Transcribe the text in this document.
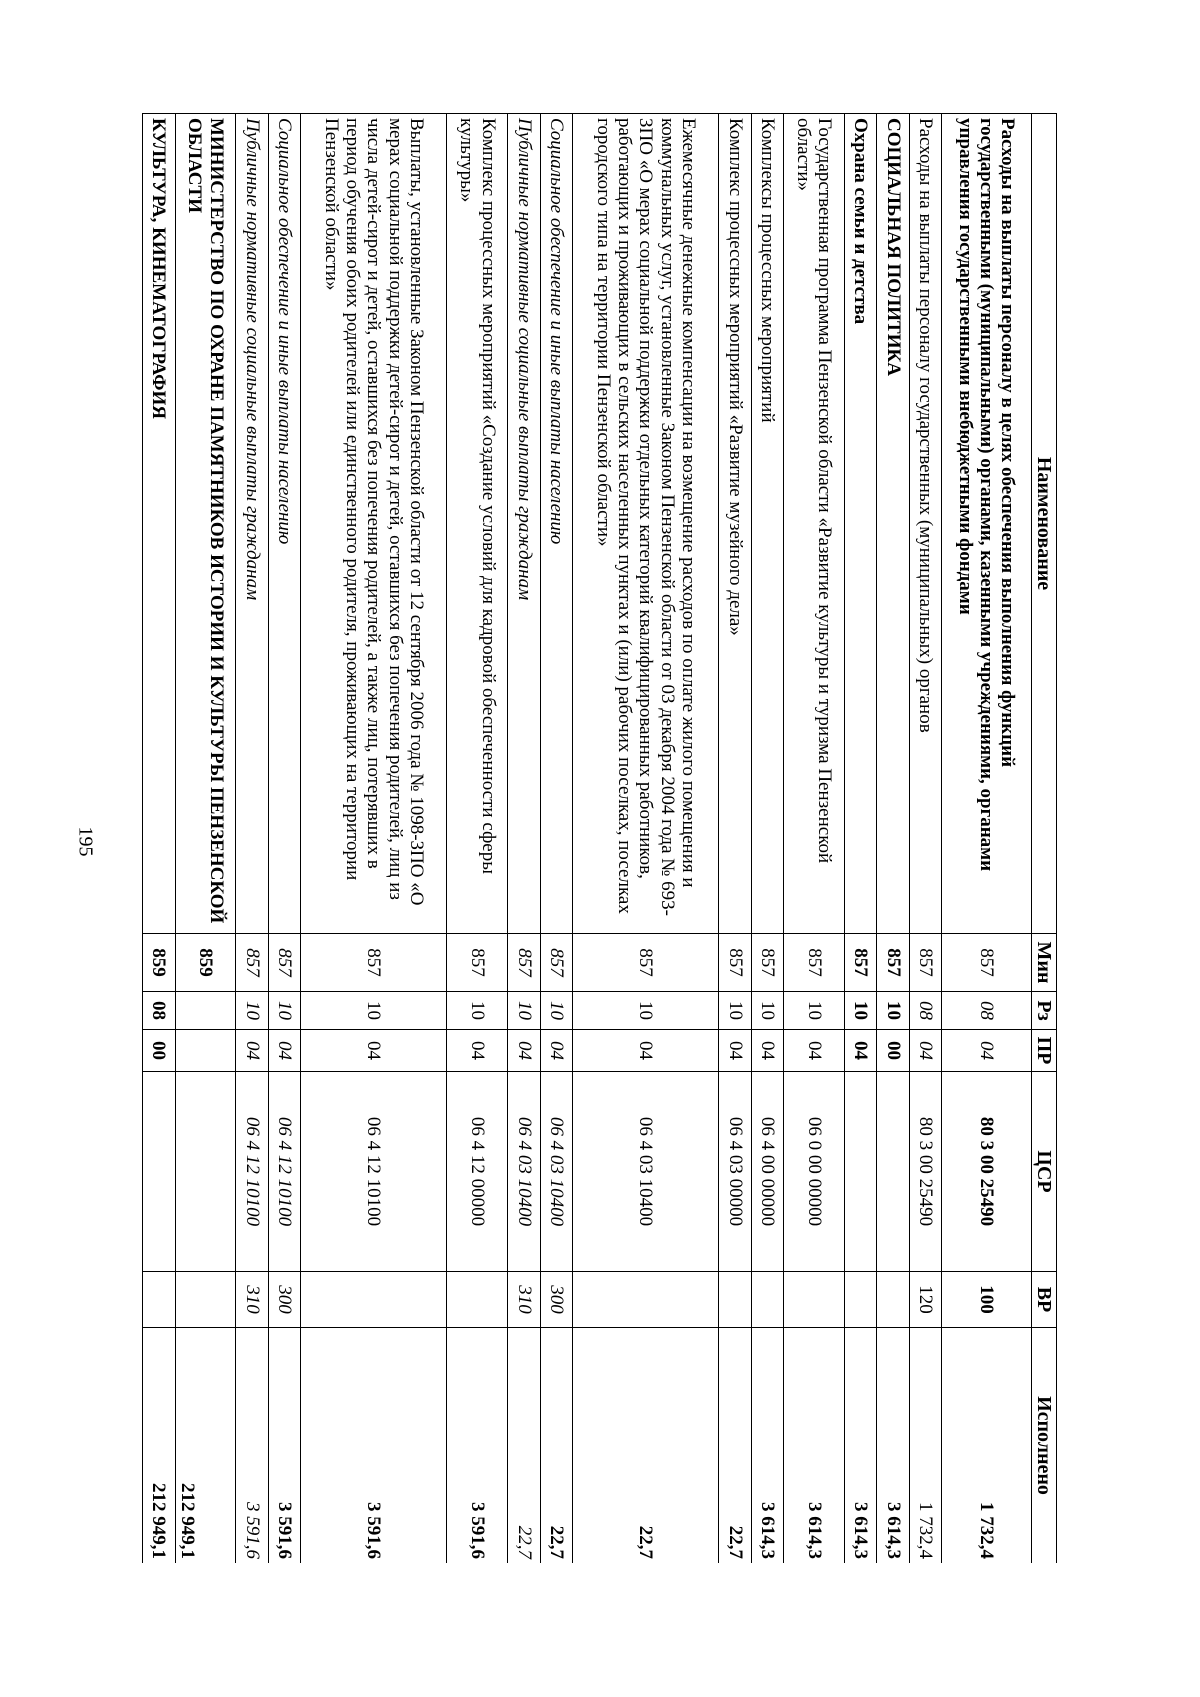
195
Наименование	Мин	Рз	ПР	ЦСР	ВР	Исполнено
Расходы на выплаты персоналу в целях обеспечения выполнения функций государственными (муниципальными) органами, казенными учреждениями, органами управления государственными внебюджетными фондами	857	08	04	80 3 00 25490	100	1 732,4
Расходы на выплаты персоналу государственных (муниципальных) органов	857	08	04	80 3 00 25490	120	1 732,4
СОЦИАЛЬНАЯ ПОЛИТИКА	857	10	00			3 614,3
Охрана семьи и детства	857	10	04			3 614,3
Государственная программа Пензенской области «Развитие культуры и туризма Пензенской области»	857	10	04	06 0 00 00000		3 614,3
Комплексы процессных мероприятий	857	10	04	06 4 00 00000		3 614,3
Комплекс процессных мероприятий «Развитие музейного дела»	857	10	04	06 4 03 00000		22,7
Ежемесячные денежные компенсации на возмещение расходов по оплате жилого помещения и коммунальных услуг, установленные Законом Пензенской области от 03 декабря 2004 года № 693-ЗПО «О мерах социальной поддержки отдельных категорий квалифицированных работников, работающих и проживающих в сельских населенных пунктах и (или) рабочих поселках, поселках городского типа на территории Пензенской области»	857	10	04	06 4 03 10400		22,7
Социальное обеспечение и иные выплаты населению	857	10	04	06 4 03 10400	300	22,7
Публичные нормативные социальные выплаты гражданам	857	10	04	06 4 03 10400	310	22,7
Комплекс процессных мероприятий «Создание условий для кадровой обеспеченности сферы культуры»	857	10	04	06 4 12 00000		3 591,6
Выплаты, установленные Законом Пензенской области от 12 сентября 2006 года № 1098-ЗПО «О мерах социальной поддержки детей-сирот и детей, оставшихся без попечения родителей, лиц из числа детей-сирот и детей, оставшихся без попечения родителей, а также лиц, потерявших в период обучения обоих родителей или единственного родителя, проживающих на территории Пензенской области»	857	10	04	06 4 12 10100		3 591,6
Социальное обеспечение и иные выплаты населению	857	10	04	06 4 12 10100	300	3 591,6
Публичные нормативные социальные выплаты гражданам	857	10	04	06 4 12 10100	310	3 591,6
МИНИСТЕРСТВО ПО ОХРАНЕ ПАМЯТНИКОВ ИСТОРИИ И КУЛЬТУРЫ ПЕНЗЕНСКОЙ ОБЛАСТИ	859					212 949,1
КУЛЬТУРА, КИНЕМАТОГРАФИЯ	859	08	00			212 949,1
